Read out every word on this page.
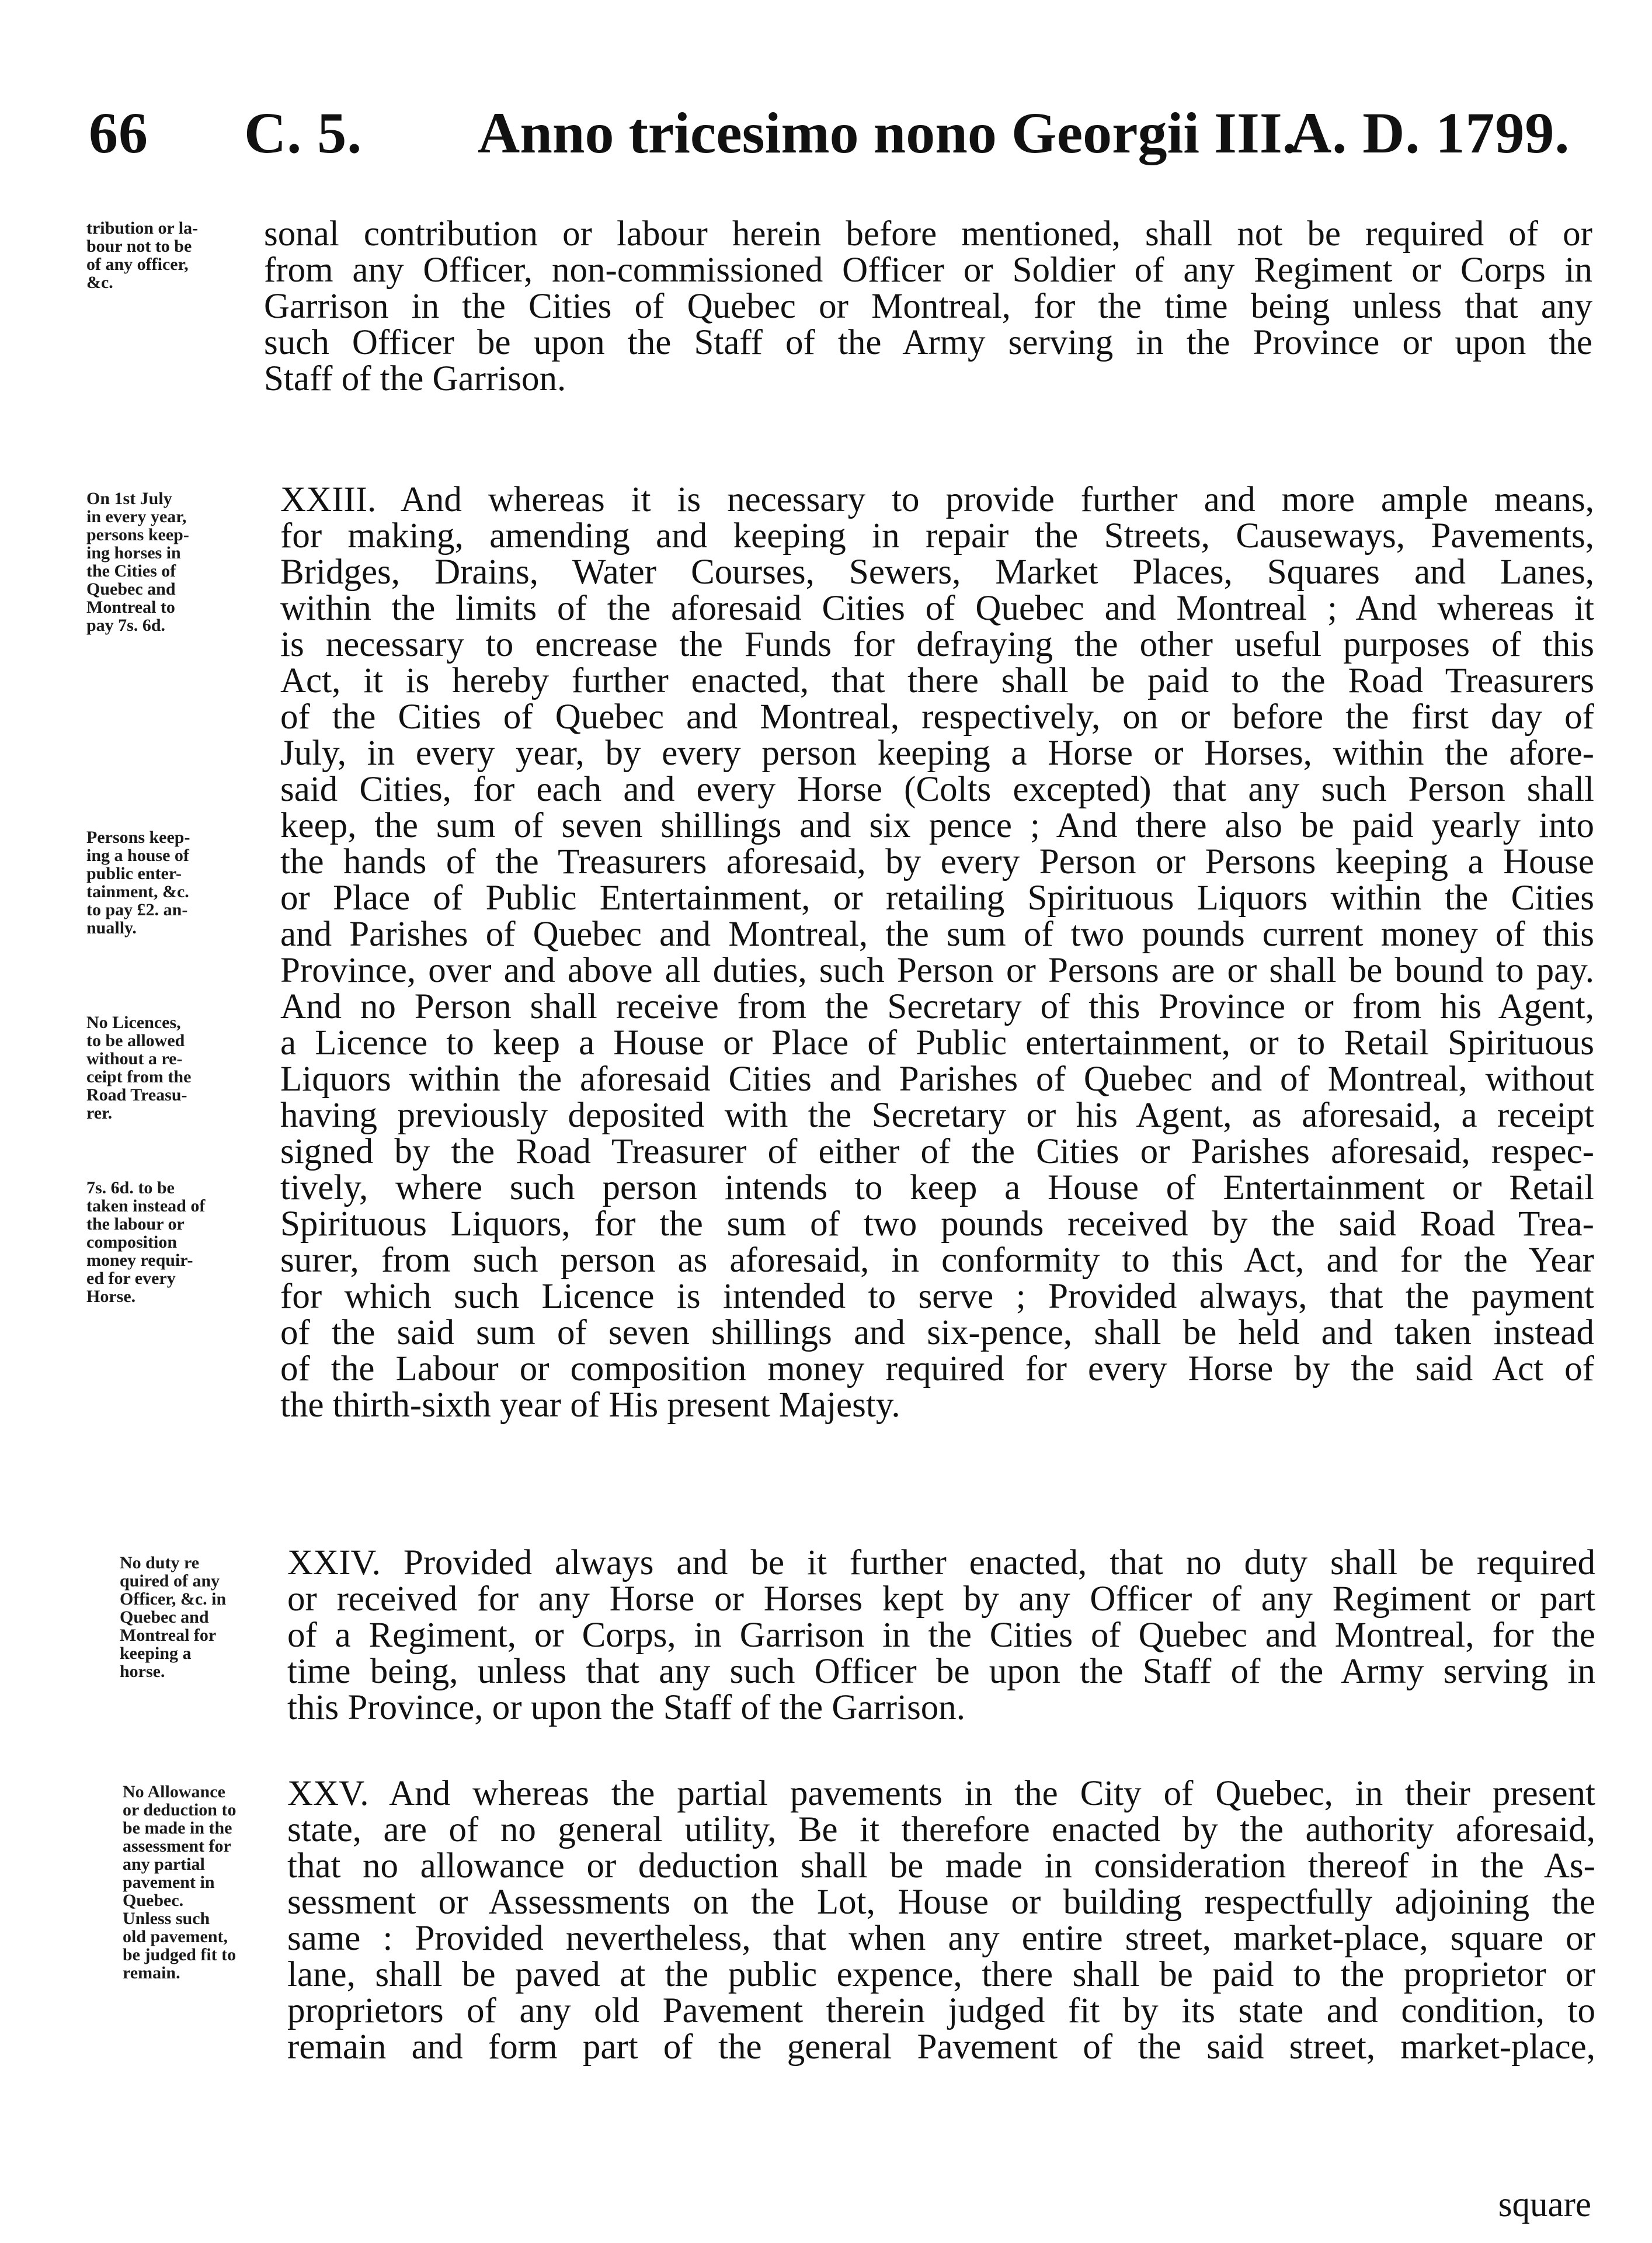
66 C. 5. Anno tricesimo nono Georgii III.
A. D. 1799.
tribution or la-
bour not to be
of any officer,
&c.
On 1st July
in every year,
persons keep-
ing horses in
the Cities of
Quebec and
Montreal to
pay 7s. 6d.
Persons keep-
ing a house of
public enter-
tainment, &c.
to pay £2. an-
nually.
No Licences,
to be allowed
without a re-
ceipt from the
Road Treasu-
rer.
7s. 6d. to be
taken instead of
the labour or
composition
money requir-
ed for every
Horse.
No duty re
quired of any
Officer, &c. in
Quebec and
Montreal for
keeping a
horse.
No Allowance
or deduction to
be made in the
assessment for
any partial
pavement in
Quebec.
Unless such
old pavement,
be judged fit to
remain.
sonal contribution or labour herein before mentioned, shall not be required of or
from any Officer, non-commissioned Officer or Soldier of any Regiment or Corps in
Garrison in the Cities of Quebec or Montreal, for the time being unless that any
such Officer be upon the Staff of the Army serving in the Province or upon the
Staff of the Garrison.
XXIII. And whereas it is necessary to provide further and more ample means,
for making, amending and keeping in repair the Streets, Causeways, Pavements,
Bridges, Drains, Water Courses, Sewers, Market Places, Squares and Lanes,
within the limits of the aforesaid Cities of Quebec and Montreal ; And whereas it
is necessary to encrease the Funds for defraying the other useful purposes of this
Act, it is hereby further enacted, that there shall be paid to the Road Treasurers
of the Cities of Quebec and Montreal, respectively, on or before the first day of
July, in every year, by every person keeping a Horse or Horses, within the afore-
said Cities, for each and every Horse (Colts excepted) that any such Person shall
keep, the sum of seven shillings and six pence ; And there also be paid yearly into
the hands of the Treasurers aforesaid, by every Person or Persons keeping a House
or Place of Public Entertainment, or retailing Spirituous Liquors within the Cities
and Parishes of Quebec and Montreal, the sum of two pounds current money of this
Province, over and above all duties, such Person or Persons are or shall be bound to pay.
And no Person shall receive from the Secretary of this Province or from his Agent,
a Licence to keep a House or Place of Public entertainment, or to Retail Spirituous
Liquors within the aforesaid Cities and Parishes of Quebec and of Montreal, without
having previously deposited with the Secretary or his Agent, as aforesaid, a receipt
signed by the Road Treasurer of either of the Cities or Parishes aforesaid, respec-
tively, where such person intends to keep a House of Entertainment or Retail
Spirituous Liquors, for the sum of two pounds received by the said Road Trea-
surer, from such person as aforesaid, in conformity to this Act, and for the Year
for which such Licence is intended to serve ; Provided always, that the payment
of the said sum of seven shillings and six-pence, shall be held and taken instead
of the Labour or composition money required for every Horse by the said Act of
the thirth-sixth year of His present Majesty.
XXIV. Provided always and be it further enacted, that no duty shall be required
or received for any Horse or Horses kept by any Officer of any Regiment or part
of a Regiment, or Corps, in Garrison in the Cities of Quebec and Montreal, for the
time being, unless that any such Officer be upon the Staff of the Army serving in
this Province, or upon the Staff of the Garrison.
XXV. And whereas the partial pavements in the City of Quebec, in their present
state, are of no general utility, Be it therefore enacted by the authority aforesaid,
that no allowance or deduction shall be made in consideration thereof in the As-
sessment or Assessments on the Lot, House or building respectfully adjoining the
same : Provided nevertheless, that when any entire street, market-place, square or
lane, shall be paved at the public expence, there shall be paid to the proprietor or
proprietors of any old Pavement therein judged fit by its state and condition, to
remain and form part of the general Pavement of the said street, market-place,
square
